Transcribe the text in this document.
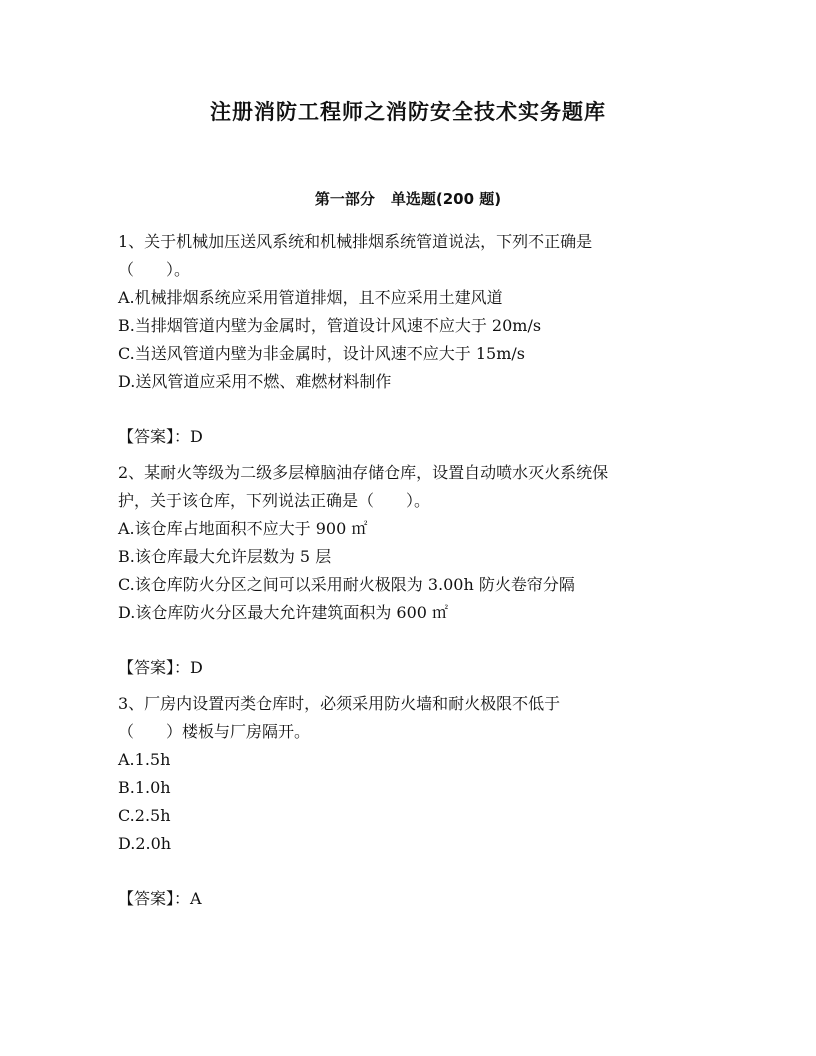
注册消防工程师之消防安全技术实务题库
第一部分 单选题(200 题)

1、关于机械加压送风系统和机械排烟系统管道说法，下列不正确是

（　　）。

A.机械排烟系统应采用管道排烟，且不应采用土建风道

B.当排烟管道内壁为金属时，管道设计风速不应大于 20m/s

C.当送风管道内壁为非金属时，设计风速不应大于 15m/s

D.送风管道应采用不燃、难燃材料制作

【答案】：D

2、某耐火等级为二级多层樟脑油存储仓库，设置自动喷水灭火系统保

护，关于该仓库，下列说法正确是（　　）。

A.该仓库占地面积不应大于 900 ㎡

B.该仓库最大允许层数为 5 层

C.该仓库防火分区之间可以采用耐火极限为 3.00h 防火卷帘分隔

D.该仓库防火分区最大允许建筑面积为 600 ㎡

【答案】：D

3、厂房内设置丙类仓库时，必须采用防火墙和耐火极限不低于

（　　）楼板与厂房隔开。

A.1.5h

B.1.0h

C.2.5h

D.2.0h

【答案】：A
